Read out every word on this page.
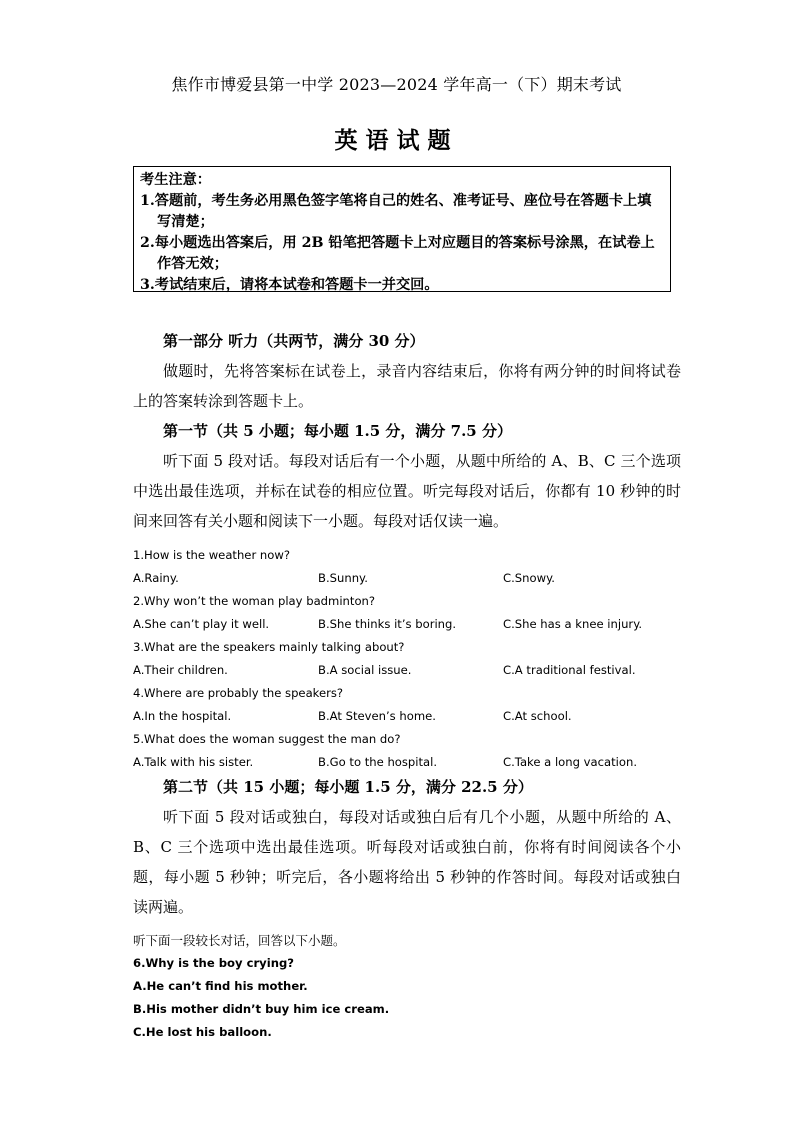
焦作市博爱县第一中学 2023—2024 学年高一（下）期末考试
英语试题
考生注意：
1.答题前，考生务必用黑色签字笔将自己的姓名、准考证号、座位号在答题卡上填写清楚；
2.每小题选出答案后，用 2B 铅笔把答题卡上对应题目的答案标号涂黑，在试卷上作答无效；
3.考试结束后，请将本试卷和答题卡一并交回。
第一部分 听力（共两节，满分 30 分）
做题时，先将答案标在试卷上，录音内容结束后，你将有两分钟的时间将试卷上的答案转涂到答题卡上。
第一节（共 5 小题；每小题 1.5 分，满分 7.5 分）
听下面 5 段对话。每段对话后有一个小题，从题中所给的 A、B、C 三个选项中选出最佳选项，并标在试卷的相应位置。听完每段对话后，你都有 10 秒钟的时间来回答有关小题和阅读下一小题。每段对话仅读一遍。
1.How is the weather now?
A.Rainy.	B.Sunny.	C.Snowy.
2.Why won’t the woman play badminton?
A.She can’t play it well.	B.She thinks it’s boring.	C.She has a knee injury.
3.What are the speakers mainly talking about?
A.Their children.	B.A social issue.	C.A traditional festival.
4.Where are probably the speakers?
A.In the hospital.	B.At Steven’s home.	C.At school.
5.What does the woman suggest the man do?
A.Talk with his sister.	B.Go to the hospital.	C.Take a long vacation.
第二节（共 15 小题；每小题 1.5 分，满分 22.5 分）
听下面 5 段对话或独白，每段对话或独白后有几个小题，从题中所给的 A、B、C 三个选项中选出最佳选项。听每段对话或独白前，你将有时间阅读各个小题，每小题 5 秒钟；听完后，各小题将给出 5 秒钟的作答时间。每段对话或独白读两遍。
听下面一段较长对话，回答以下小题。
6.Why is the boy crying?
A.He can’t find his mother.
B.His mother didn’t buy him ice cream.
C.He lost his balloon.
